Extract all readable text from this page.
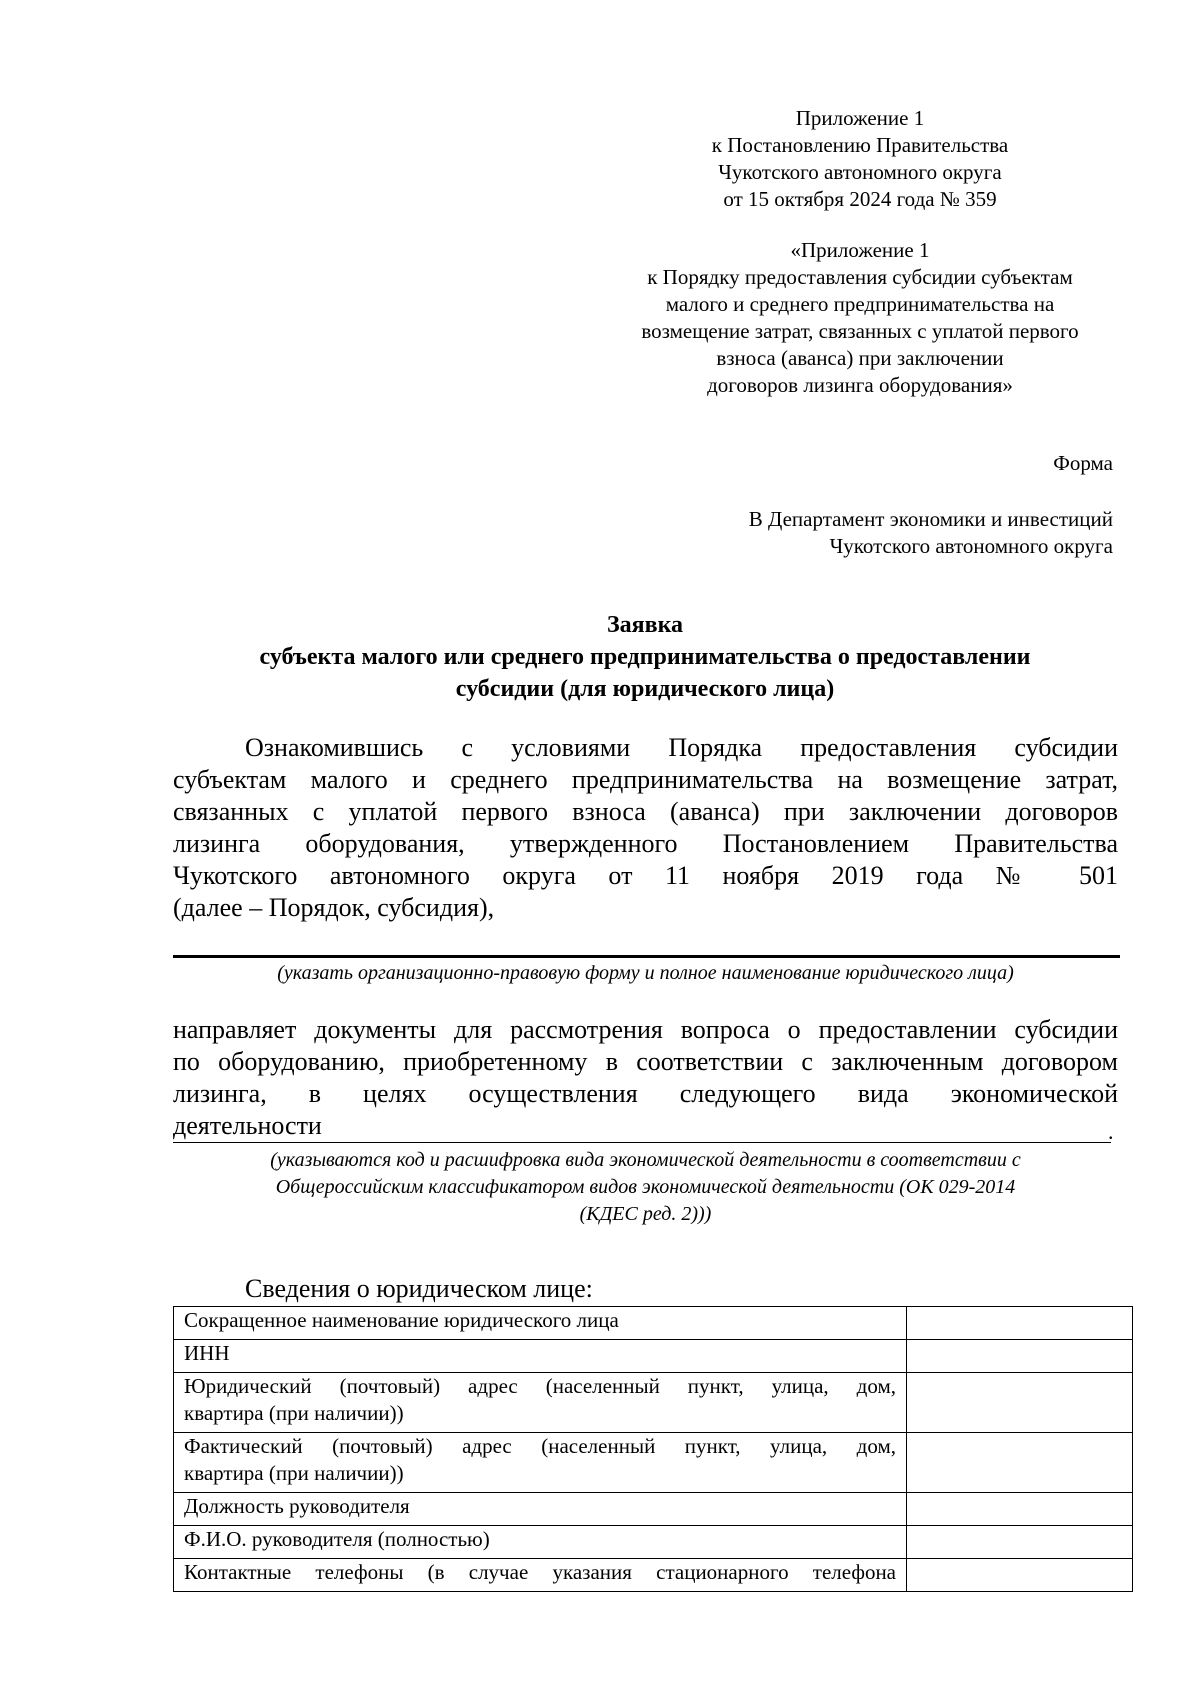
Приложение 1
к Постановлению Правительства
Чукотского автономного округа
от 15 октября 2024 года № 359
«Приложение 1
к Порядку предоставления субсидии субъектам
малого и среднего предпринимательства на
возмещение затрат, связанных с уплатой первого
взноса (аванса) при заключении
договоров лизинга оборудования»
Форма
В Департамент экономики и инвестиций
Чукотского автономного округа
Заявка
субъекта малого или среднего предпринимательства о предоставлении
субсидии (для юридического лица)
Ознакомившись с условиями Порядка предоставления субсидии
субъектам малого и среднего предпринимательства на возмещение затрат,
связанных с уплатой первого взноса (аванса) при заключении договоров
лизинга оборудования, утвержденного Постановлением Правительства
Чукотского автономного округа от 11 ноября 2019 года № 501
(далее – Порядок, субсидия),
(указать организационно-правовую форму и полное наименование юридического лица)
направляет документы для рассмотрения вопроса о предоставлении субсидии
по оборудованию, приобретенному в соответствии с заключенным договором
лизинга, в целях осуществления следующего вида экономической
деятельности	.
(указываются код и расшифровка вида экономической деятельности в соответствии с
Общероссийским классификатором видов экономической деятельности (ОК 029-2014
(КДЕС ред. 2)))
Сведения о юридическом лице:
Сокращенное наименование юридического лица	
ИНН	

Юридический (почтовый) адрес (населенный пункт, улица, дом,
квартира (при наличии))	

Фактический (почтовый) адрес (населенный пункт, улица, дом,
квартира (при наличии))	

Должность руководителя	
Ф.И.О. руководителя (полностью)	

Контактные телефоны (в случае указания стационарного телефона	
